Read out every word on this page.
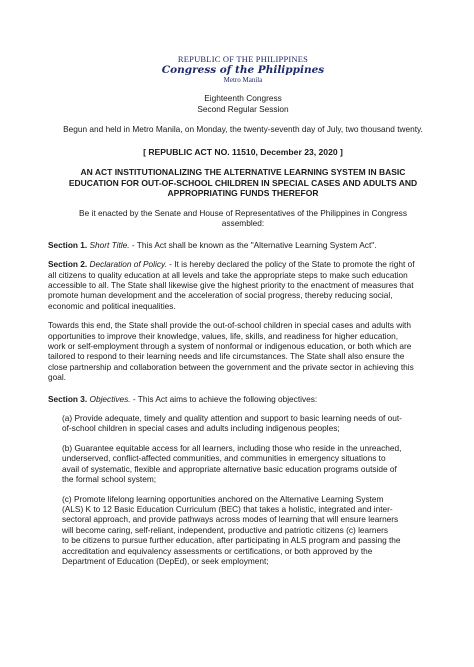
REPUBLIC OF THE PHILIPPINES
Congress of the Philippines
Metro Manila
Eighteenth Congress
Second Regular Session
Begun and held in Metro Manila, on Monday, the twenty-seventh day of July, two thousand twenty.
[ REPUBLIC ACT NO. 11510, December 23, 2020 ]
AN ACT INSTITUTIONALIZING THE ALTERNATIVE LEARNING SYSTEM IN BASIC
EDUCATION FOR OUT-OF-SCHOOL CHILDREN IN SPECIAL CASES AND ADULTS AND
APPROPRIATING FUNDS THEREFOR
Be it enacted by the Senate and House of Representatives of the Philippines in Congress
assembled:

Section 1. Short Title. - This Act shall be known as the "Alternative Learning System Act".

Section 2. Declaration of Policy. - It is hereby declared the policy of the State to promote the right of
all citizens to quality education at all levels and take the appropriate steps to make such education
accessible to all. The State shall likewise give the highest priority to the enactment of measures that
promote human development and the acceleration of social progress, thereby reducing social,
economic and political inequalities.

Towards this end, the State shall provide the out-of-school children in special cases and adults with
opportunities to improve their knowledge, values, life, skills, and readiness for higher education,
work or self-employment through a system of nonformal or indigenous education, or both which are
tailored to respond to their learning needs and life circumstances. The State shall also ensure the
close partnership and collaboration between the government and the private sector in achieving this
goal.

Section 3. Objectives. - This Act aims to achieve the following objectives:

(a) Provide adequate, timely and quality attention and support to basic learning needs of out-
of-school children in special cases and adults including indigenous peoples;

(b) Guarantee equitable access for all learners, including those who reside in the unreached,
underserved, conflict-affected communities, and communities in emergency situations to
avail of systematic, flexible and appropriate alternative basic education programs outside of
the formal school system;

(c) Promote lifelong learning opportunities anchored on the Alternative Learning System
(ALS) K to 12 Basic Education Curriculum (BEC) that takes a holistic, integrated and inter-
sectoral approach, and provide pathways across modes of learning that will ensure learners
will become caring, self-reliant, independent, productive and patriotic citizens (c) learners
to be citizens to pursue further education, after participating in ALS program and passing the
accreditation and equivalency assessments or certifications, or both approved by the
Department of Education (DepEd), or seek employment;
